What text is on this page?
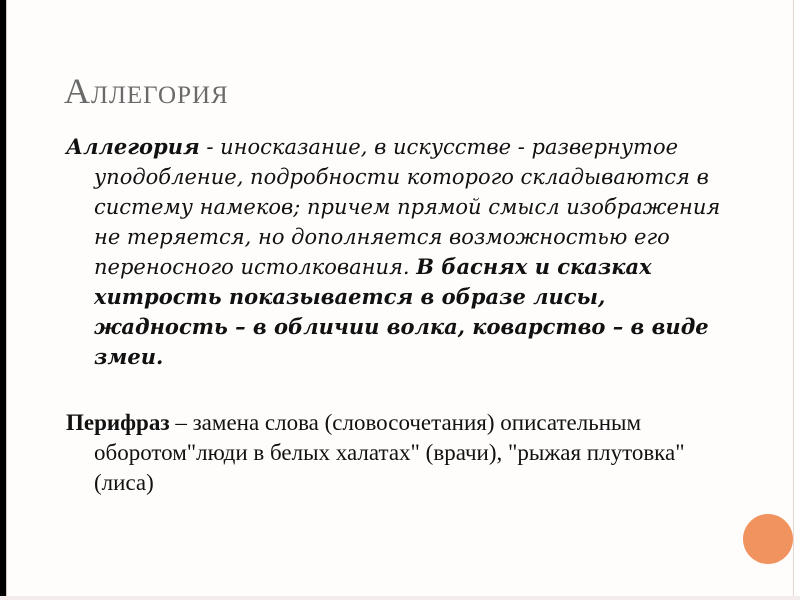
Аллегория
Аллегория - иносказание, в искусстве - развернутое уподобление, подробности которого складываются в систему намеков; причем прямой смысл изображения не теряется, но дополняется возможностью его переносного истолкования. В баснях и сказках хитрость показывается в образе лисы, жадность – в обличии волка, коварство – в виде змеи.
Перифраз – замена слова (словосочетания) описательным оборотом"люди в белых халатах" (врачи), "рыжая плутовка" (лиса)
